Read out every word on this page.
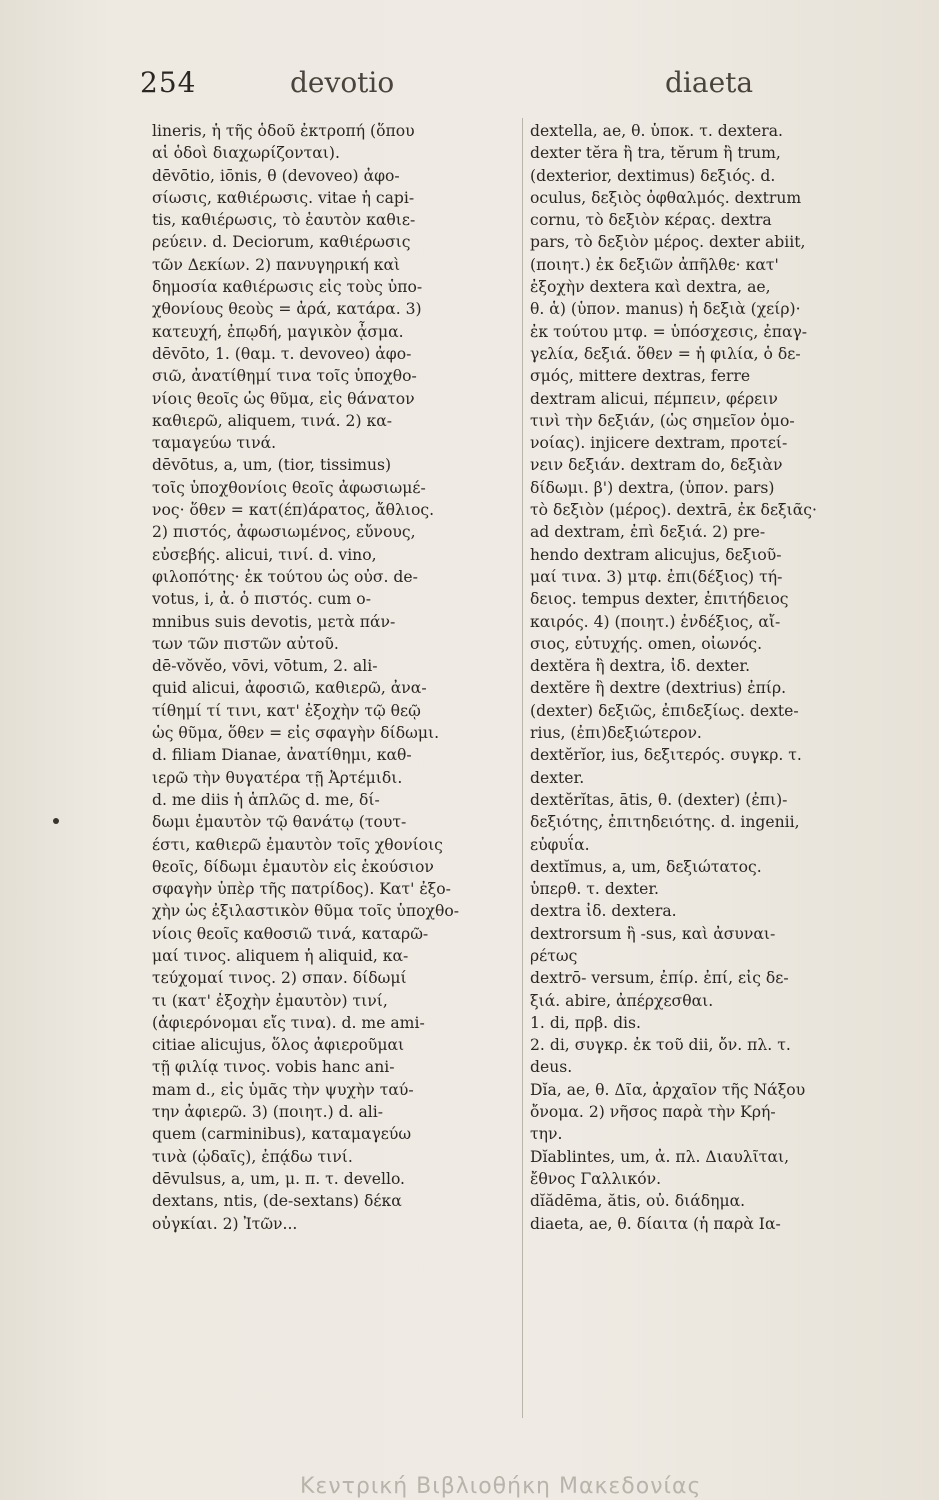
254	devotio	diaeta
lineris, ἡ τῆς ὁδοῦ ἐκτροπή (ὅπου
αἱ ὁδοὶ διαχωρίζονται).
dēvōtio, iōnis, θ (devoveo) ἀφο-
σίωσις, καθιέρωσις. vitae ἡ capi-
tis, καθιέρωσις, τὸ ἑαυτὸν καθιε-
ρεύειν. d. Deciorum, καθιέρωσις
τῶν Δεκίων. 2) πανυγηρική καὶ
δημοσία καθιέρωσις εἰς τοὺς ὑπο-
χθονίους θεοὺς = ἀρά, κατάρα. 3)
κατευχή, ἐπῳδή, μαγικὸν ᾆσμα.
dēvōto, 1. (θαμ. τ. devoveo) ἀφο-
σιῶ, ἀνατίθημί τινα τοῖς ὑποχθο-
νίοις θεοῖς ὡς θῦμα, εἰς θάνατον
καθιερῶ, aliquem, τινά. 2) κα-
ταμαγεύω τινά.
dēvōtus, a, um, (tior, tissimus)
τοῖς ὑποχθονίοις θεοῖς ἀφωσιωμέ-
νος· ὅθεν = κατ(έπ)άρατος, ἄθλιος.
2) πιστός, ἀφωσιωμένος, εὔνους,
εὐσεβής. alicui, τινί. d. vino,
φιλοπότης· ἐκ τούτου ὡς οὐσ. de-
votus, i, ἀ. ὁ πιστός. cum o-
mnibus suis devotis, μετὰ πάν-
των τῶν πιστῶν αὐτοῦ.
dē-vŏvĕo, vōvi, vōtum, 2. ali-
quid alicui, ἀφοσιῶ, καθιερῶ, ἀνα-
τίθημί τί τινι, κατ' ἐξοχὴν τῷ θεῷ
ὡς θῦμα, ὅθεν = εἰς σφαγὴν δίδωμι.
d. filiam Dianae, ἀνατίθημι, καθ-
ιερῶ τὴν θυγατέρα τῇ Ἀρτέμιδι.
d. me diis ἡ ἁπλῶς d. me, δί-
δωμι ἐμαυτὸν τῷ θανάτῳ (τουτ-
έστι, καθιερῶ ἐμαυτὸν τοῖς χθονίοις
θεοῖς, δίδωμι ἐμαυτὸν εἰς ἑκούσιον
σφαγὴν ὑπὲρ τῆς πατρίδος). Κατ' ἐξο-
χὴν ὡς ἐξιλαστικὸν θῦμα τοῖς ὑποχθο-
νίοις θεοῖς καθοσιῶ τινά, καταρῶ-
μαί τινος. aliquem ἡ aliquid, κα-
τεύχομαί τινος. 2) σπαν. δίδωμί
τι (κατ' ἐξοχὴν ἐμαυτὸν) τινί,
(ἀφιερόνομαι εἴς τινα). d. me ami-
citiae alicujus, ὅλος ἀφιεροῦμαι
τῇ φιλίᾳ τινος. vobis hanc ani-
mam d., εἰς ὑμᾶς τὴν ψυχὴν ταύ-
την ἀφιερῶ. 3) (ποιητ.) d. ali-
quem (carminibus), καταμαγεύω
τινὰ (ᾠδαῖς), ἐπᾴδω τινί.
dēvulsus, a, um, μ. π. τ. devello.
dextans, ntis, (de-sextans) δέκα
οὐγκίαι. 2) Ἰτῶν...
dextella, ae, θ. ὑποκ. τ. dextera.
dexter tĕra ἢ tra, tĕrum ἢ trum,
(dexterior, dextimus) δεξιός. d.
oculus, δεξιὸς ὀφθαλμός. dextrum
cornu, τὸ δεξιὸν κέρας. dextra
pars, τὸ δεξιὸν μέρος. dexter abiit,
(ποιητ.) ἐκ δεξιῶν ἀπῆλθε· κατ'
ἐξοχὴν dextera καὶ dextra, ae,
θ. ἁ) (ὑπον. manus) ἡ δεξιὰ (χείρ)·
ἐκ τούτου μτφ. = ὑπόσχεσις, ἐπαγ-
γελία, δεξιά. ὅθεν = ἡ φιλία, ὁ δε-
σμός, mittere dextras, ferre
dextram alicui, πέμπειν, φέρειν
τινὶ τὴν δεξιάν, (ὡς σημεῖον ὁμο-
νοίας). injicere dextram, προτεί-
νειν δεξιάν. dextram do, δεξιὰν
δίδωμι. β') dextra, (ὑπον. pars)
τὸ δεξιὸν (μέρος). dextrā, ἐκ δεξιᾶς·
ad dextram, ἐπὶ δεξιά. 2) pre-
hendo dextram alicujus, δεξιοῦ-
μαί τινα. 3) μτφ. ἐπι(δέξιος) τή-
δειος. tempus dexter, ἐπιτήδειος
καιρός. 4) (ποιητ.) ἐνδέξιος, αἴ-
σιος, εὐτυχής. omen, οἰωνός.
dextĕra ἢ dextra, ἰδ. dexter.
dextĕre ἢ dextre (dextrius) ἐπίρ.
(dexter) δεξιῶς, ἐπιδεξίως. dexte-
rius, (ἐπι)δεξιώτερον.
dextĕrĭor, ius, δεξιτερός. συγκρ. τ.
dexter.
dextĕrĭtas, ātis, θ. (dexter) (ἐπι)-
δεξιότης, ἐπιτηδειότης. d. ingenii,
εὐφυΐα.
dextĭmus, a, um, δεξιώτατος.
ὑπερθ. τ. dexter.
dextra ἰδ. dextera.
dextrorsum ἢ -sus, καὶ ἀσυναι-
ρέτως
dextrō- versum, ἐπίρ. ἐπί, εἰς δε-
ξιά. abire, ἀπέρχεσθαι.
1. di, πρβ. dis.
2. di, συγκρ. ἐκ τοῦ dii, ὄν. πλ. τ.
deus.
Dĭa, ae, θ. Δῖα, ἀρχαῖον τῆς Νάξου
ὄνομα. 2) νῆσος παρὰ τὴν Κρή-
την.
Dĭablintes, um, ἀ. πλ. Διαυλῖται,
ἔθνος Γαλλικόν.
dĭădēma, ătis, οὐ. διάδημα.
diaeta, ae, θ. δίαιτα (ἡ παρὰ Ια-
Κεντρική Βιβλιοθήκη Μακεδονίας
